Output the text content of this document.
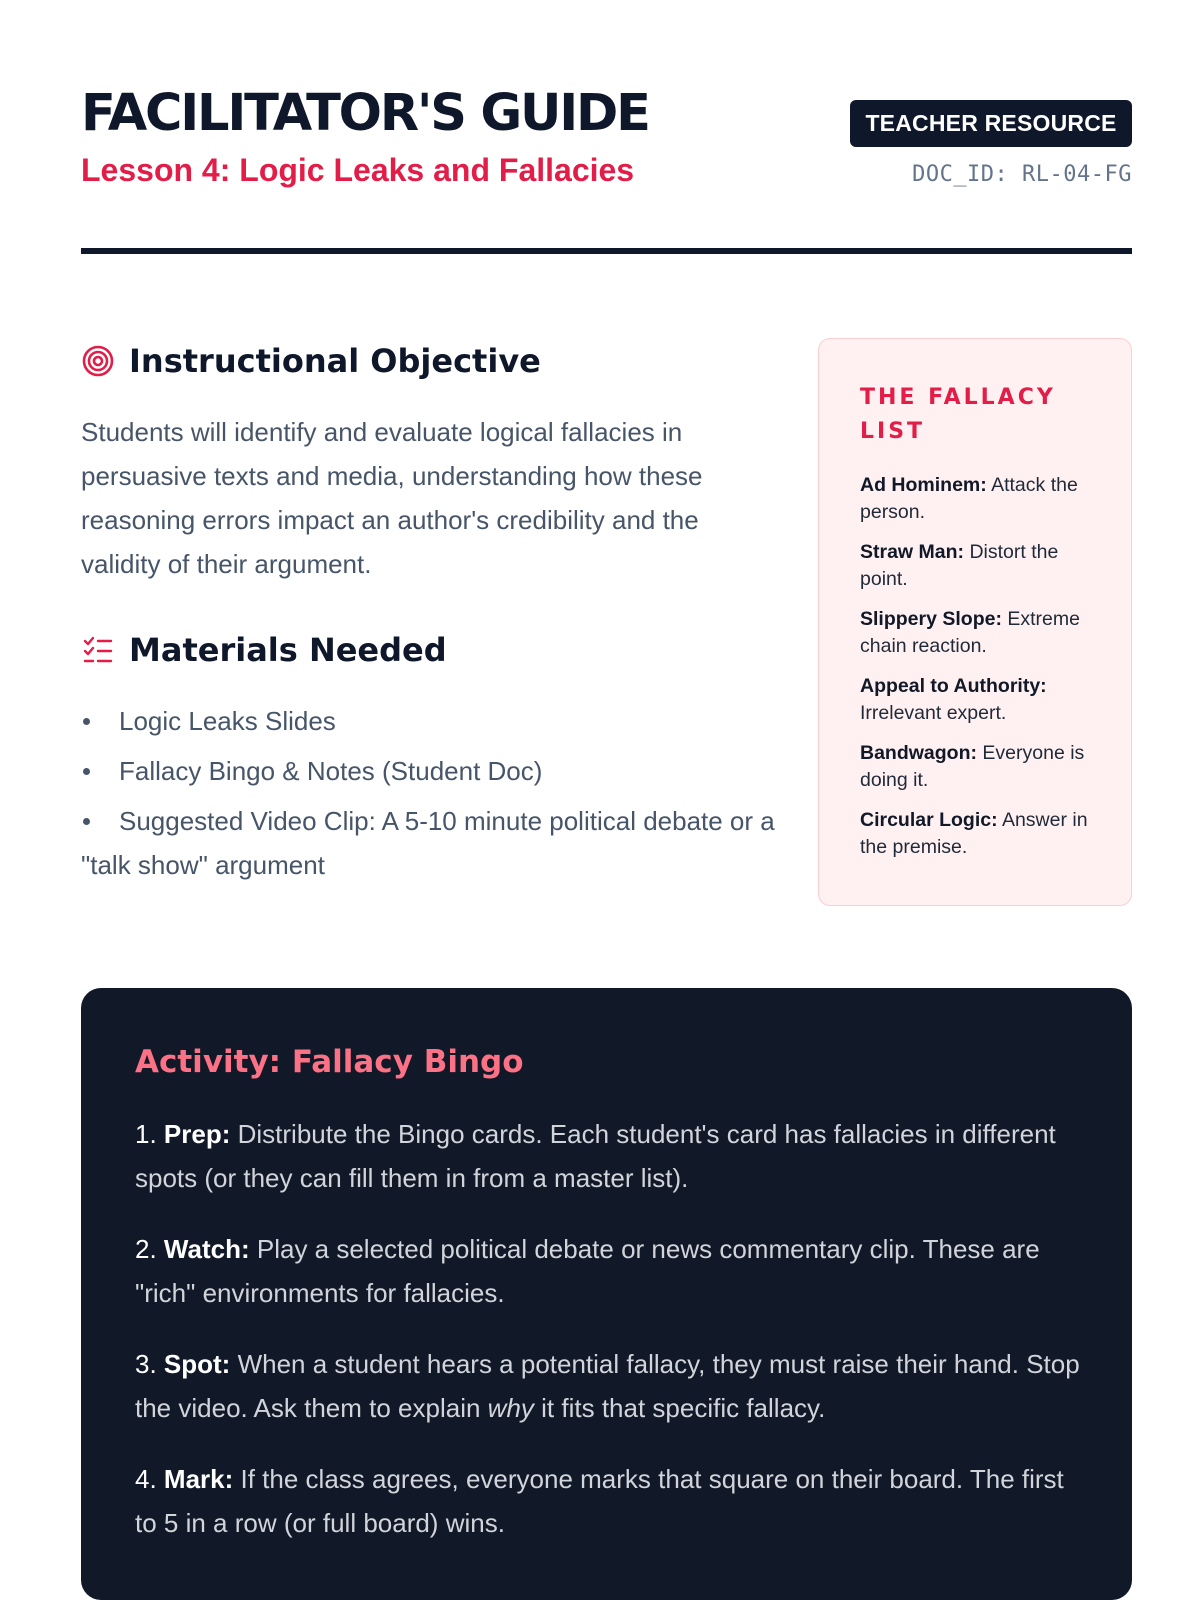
FACILITATOR'S GUIDE
Lesson 4: Logic Leaks and Fallacies
TEACHER RESOURCE
DOC_ID: RL-04-FG
Instructional Objective

Students will identify and evaluate logical fallacies in persuasive texts and media, understanding how these reasoning errors impact an author's credibility and the validity of their argument.

Materials Needed
Logic Leaks Slides
Fallacy Bingo & Notes (Student Doc)
Suggested Video Clip: A 5-10 minute political debate or a "talk show" argument
THE FALLACY LIST
Ad Hominem: Attack the person.
Straw Man: Distort the point.
Slippery Slope: Extreme chain reaction.
Appeal to Authority: Irrelevant expert.
Bandwagon: Everyone is doing it.
Circular Logic: Answer in the premise.
Activity: Fallacy Bingo

1. Prep: Distribute the Bingo cards. Each student's card has fallacies in different spots (or they can fill them in from a master list).

2. Watch: Play a selected political debate or news commentary clip. These are "rich" environments for fallacies.

3. Spot: When a student hears a potential fallacy, they must raise their hand. Stop the video. Ask them to explain why it fits that specific fallacy.

4. Mark: If the class agrees, everyone marks that square on their board. The first to 5 in a row (or full board) wins.
